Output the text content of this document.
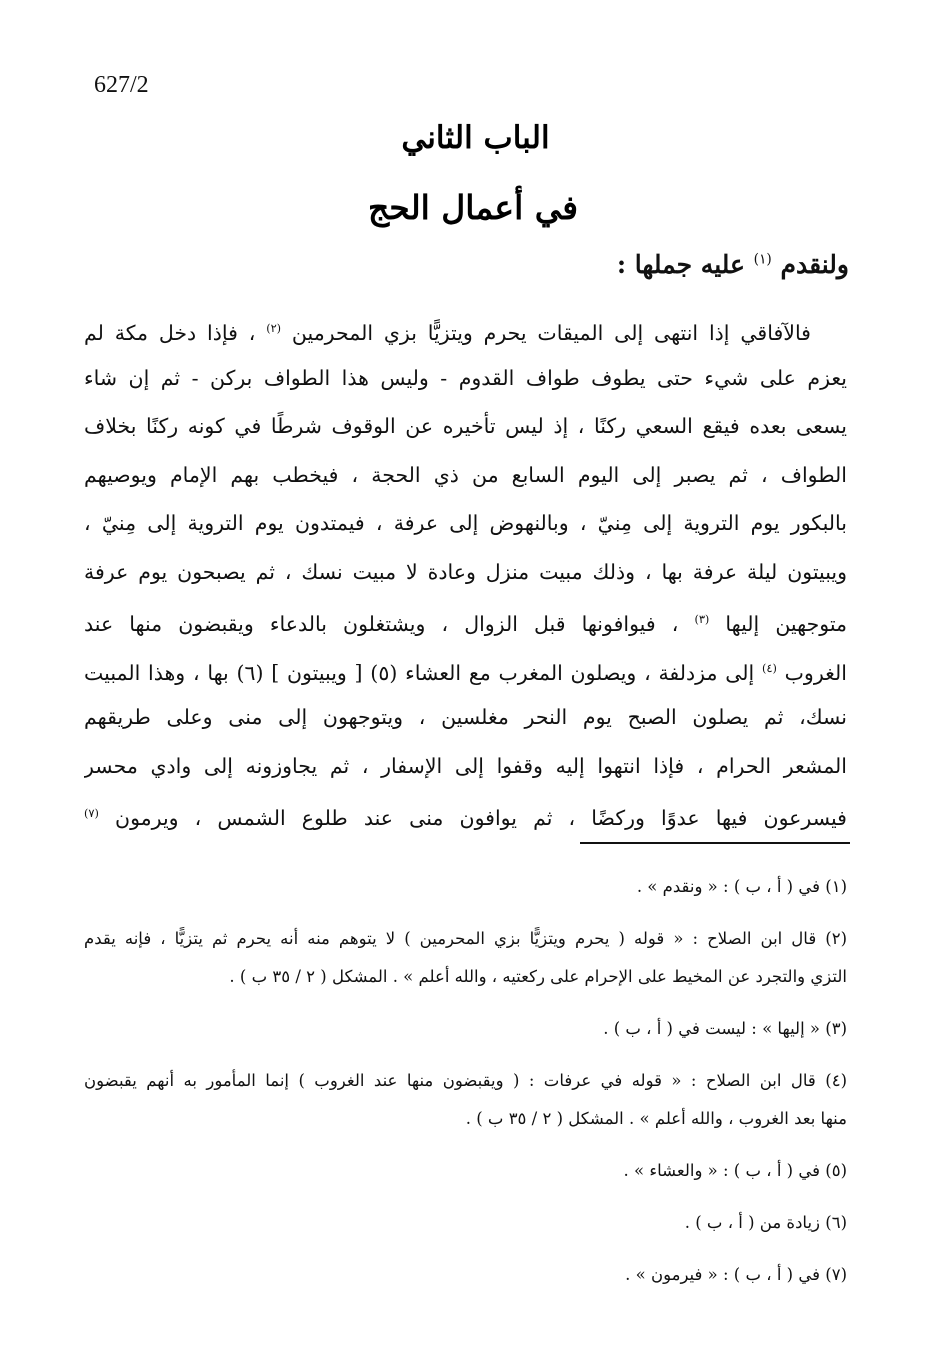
627/2
الباب الثاني
في أعمال الحج
ولنقدم $^{(١)}$ عليه جملها :
فالآفاقي إذا انتهى إلى الميقات يحرم ويتزيًّا بزي المحرمين $^{(٢)}$ ، فإذا دخل مكة لم
يعزم على شيء حتى يطوف طواف القدوم - وليس هذا الطواف بركن - ثم إن شاء
يسعى بعده فيقع السعي ركنًا ، إذ ليس تأخيره عن الوقوف شرطًا في كونه ركنًا بخلاف
الطواف ، ثم يصبر إلى اليوم السابع من ذي الحجة ، فيخطب بهم الإمام ويوصيهم
بالبكور يوم التروية إلى مِنيّ ، وبالنهوض إلى عرفة ، فيمتدون يوم التروية إلى مِنيّ ،
ويبيتون ليلة عرفة بها ، وذلك مبيت منزل وعادة لا مبيت نسك ، ثم يصبحون يوم عرفة
متوجهين إليها $^{(٣)}$ ، فيوافونها قبل الزوال ، ويشتغلون بالدعاء ويقبضون منها عند
الغروب $^{(٤)}$ إلى مزدلفة ، ويصلون المغرب مع العشاء (٥) [ ويبيتون ] (٦) بها ، وهذا المبيت
نسك، ثم يصلون الصبح يوم النحر مغلسين ، ويتوجهون إلى منى وعلى طريقهم
المشعر الحرام ، فإذا انتهوا إليه وقفوا إلى الإسفار ، ثم يجاوزونه إلى وادي محسر
فيسرعون فيها عدوًا وركضًا ، ثم يوافون منى عند طلوع الشمس ، ويرمون $^{(٧)}$
(١) في ( أ ، ب ) : « ونقدم » .
(٢) قال ابن الصلاح : « قوله ( يحرم ويتزيًّا بزي المحرمين ) لا يتوهم منه أنه يحرم ثم يتزيًّا ، فإنه يقدم
التزي والتجرد عن المخيط على الإحرام على ركعتيه ، والله أعلم » . المشكل ( ٢ / ٣٥ ب ) .
(٣) « إليها » : ليست في ( أ ، ب ) .
(٤) قال ابن الصلاح : « قوله في عرفات : ( ويقبضون منها عند الغروب ) إنما المأمور به أنهم يقبضون
منها بعد الغروب ، والله أعلم » . المشكل ( ٢ / ٣٥ ب ) .
(٥) في ( أ ، ب ) : « والعشاء » .
(٦) زيادة من ( أ ، ب ) .
(٧) في ( أ ، ب ) : « فيرمون » .
